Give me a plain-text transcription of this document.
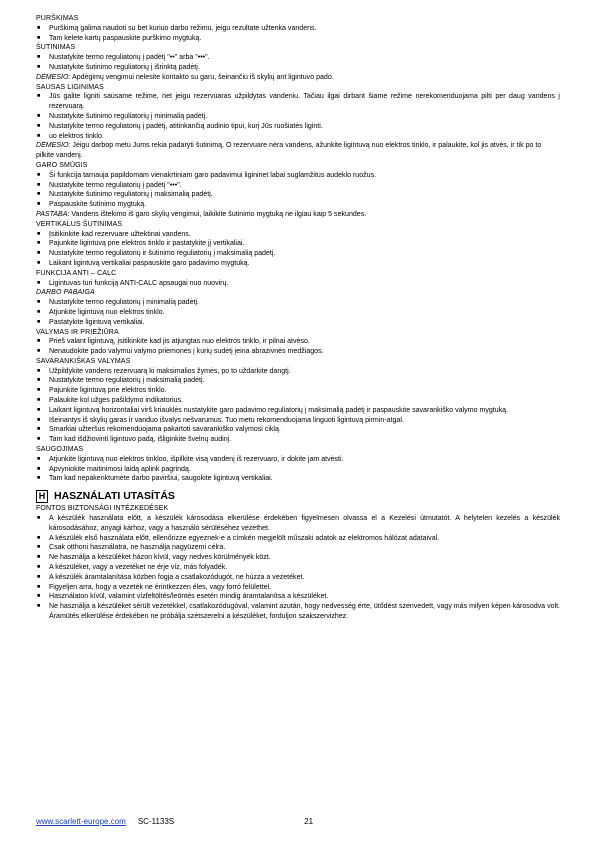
PURŠKIMAS
■ Purškimą galima naudoti su bet kuriuo darbo režimu, jeigu rezultate užtenka vandens.
■ Tam kelete kartų paspauskite purškimo mygtuką.
ŠUTINIMAS
■ Nustatykite termo reguliatorių į padėtį "••" arba "•••".
■ Nustatykite šutinimo reguliatorių į išrinktą padėtį.
DĖMESIO: Apdėgimų vengimui nelesite kontakto su garu, šeinančiu iš skylių ant ligintuvo pado.
SAUSAS LIGINIMAS
■ Jūs galite ligniti sausame režime, net jeigu rezervuaras užpildytas vandeniu. Tačiau ilgai dirbant šiame režime nerekomenduojama pilti per daug vandens į rezervuarą.
■ Nustatykite šutinimo reguliatorių į minimalią padėtį.
■ Nustatykite termo reguliatorių į padėtį, atitinkančią audinio tipui, kurį Jūs ruošiatės liginti.
■ uo elektros tinklo.
DĖMESIO: Jeigu darbop metu Jums rekia padaryti šutinimą, O rezervuare nėra vandens, ažunkite ligintuvą nuo elektros tinklo, ir palaukite, kol jis atvės, ir tik po to pilkite vandenį.
GARO SMŪGIS
■ Ši funkcija tarnauja papildomam vienakrtiniam garo padavimui ligininet labai suglamžitus audėklo ruožus.
■ Nustatykite termo reguliatorių į padėtį "•••".
■ Nustatykite šutinimo reguliatorių į maksimalią padėtį.
■ Paspauskite šutinimo mygtuką.
PASTABA: Vandens ištekimo iš garo skylių vengimui, laikikite šutinimo mygtuką ne ilgiau kaip 5 sekundes.
VERTIKALUS ŠUTINIMAS
■ Įsitikinkite kad rezervuare užtektinai vandens.
■ Pajunkite ligintuvą prie elektros tinklo ir pastatykite jį vertikaliai.
■ Nustatykite termo reguliatorių ir šutinimo reguliatorių į maksimalią padėtį.
■ Laikant ligintuvą vertikaliai paspauskite garo padavimo mygtuką.
FUNKCIJA ANTI – CALC
■ Ligintuvas turi funkciją ANTI-CALC apsaugai nuo nuovirų.
DARBO PABAIGA
■ Nustatykite termo reguliatorių į minimalią padėtį.
■ Atjunkite ligintuvą nuo elektros tinklo.
■ Pastatykite ligintuvą vertikaliai.
VALYMAS IR PRIEŽIŪRA
■ Prieš valant ligintuvą, įsitikinkite kad jis atjungtas nuo elektros tinklo, ir pilnai atvėso.
■ Nenaudokite pado valymui valymo priemones į kurių sudėtį įeina abrazivnės medžiagos.
SAVARANKIŠKAS VALYMAS
■ Užpildykite vandens rezervuarą ki maksimalios žymės, po to uždarkite dangtį.
■ Nustatykite termo reguliatorių į maksimalią padėtį.
■ Pajunkite ligintuvą prie elektros tinklo.
■ Palaukite kol užges pašildymo indikatorius.
■ Laikant ligintuvą horizontaliai virš kriauklės nustatykite garo padavimo reguliatorių į maksimalią padėtį ir paspauskite savarankiško valymo mygtuką.
■ Išeinantys iš skylių garas ir vanduo išvalys nešvarumus. Tuo metu rekomenduojama linguoti ligintuvą pirmin-atgal.
■ Smarkiai užteršus rekomenduojama pakartoti savarankiško valymosi ciklą.
■ Tam kad išdžiovinti ligintuvo padą, išliginkite švelnų audinį.
SAUGOJIMAS
■ Atjunkite ligintuvą nuo elektros tinkloo, išpilkite visą vandenį iš rezervuaro, ir dokite jam atvėsti.
■ Apvyniokite maitinimosi laidą aplink pagrindą.
■ Tam kad nepakenktumėte darbo paviršiui, saugokite ligintuvą vertikaliai.
H HASZNÁLATI UTASÍTÁS
FONTOS BIZTONSÁGI INTÉZKEDÉSEK
■ A készülék használata előtt, a készülék károsodása elkerülése érdekében figyelmesen olvassa el a Kezelési útmutatót. A helytelen kezelés a készülék károsodásához, anyagi kárhoz, vagy a használó sérüléséhez vezethet.
■ A készülék első használata előtt, ellenőrizze egyeznek-e a címkén megjelölt műszaki adatok az elektromos hálózat adataival.
■ Csak otthoni használatra, ne használja nagyüzemi célra.
■ Ne használja a készüléket házon kívül, vagy nedves körülmények közt.
■ A készüléket, vagy a vezetéket ne érje víz, más folyadék.
■ A készülék áramtalanítása közben fogja a csatlakozódugót, ne húzza a vezetéket.
■ Figyeljen arra, hogy a vezeték ne érintkezzen éles, vagy forró felülettel.
■ Használaton kívül, valamint vízfeltöltés/leöntés esetén mindig áramtalanítsa a készüléket.
■ Ne használja a készüléket sérült vezetékkel, csatlakozódugóval, valamint azután, hogy nedvesség érte, ütődést szenvedett, vagy más milyen képen károsodva volt. Áramütés elkerülése érdekében ne próbálja szétszerelni a készüléket, forduljon szakszervizhez.
www.scarlett-europe.com SC-1133S	21
